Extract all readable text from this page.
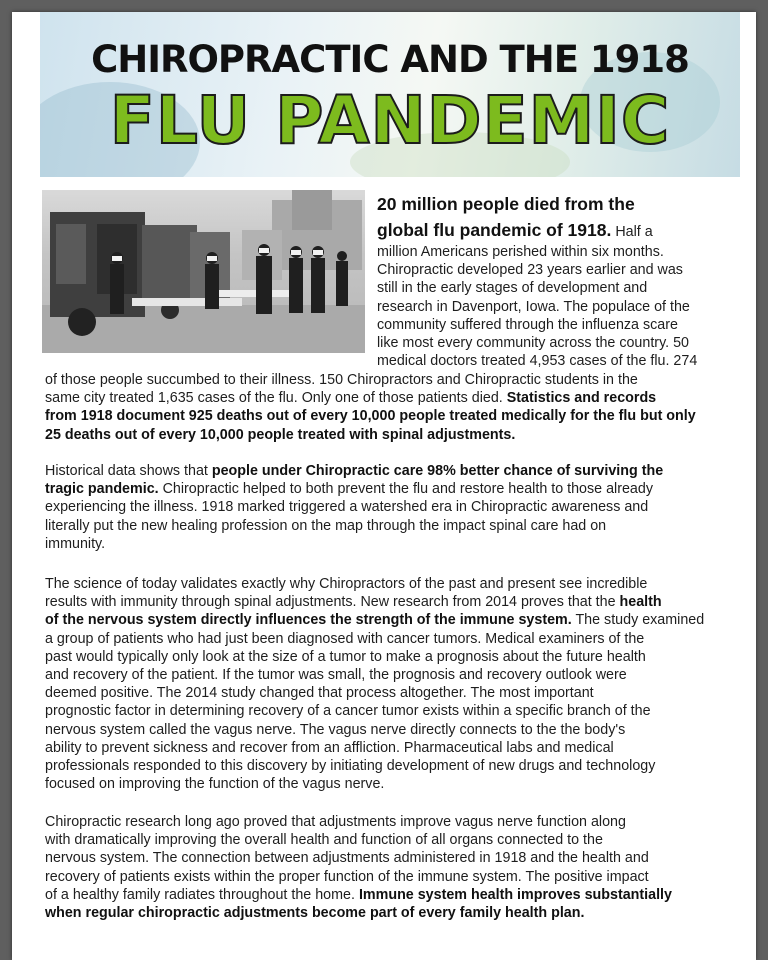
CHIROPRACTIC AND THE 1918
FLU PANDEMIC
20 million people died from the
global flu pandemic of 1918. Half a
million Americans perished within six months.
Chiropractic developed 23 years earlier and was
still in the early stages of development and
research in Davenport, Iowa. The populace of the
community suffered through the influenza scare
like most every community across the country. 50
medical doctors treated 4,953 cases of the flu. 274
of those people succumbed to their illness. 150 Chiropractors and Chiropractic students in the
same city treated 1,635 cases of the flu. Only one of those patients died. Statistics and records
from 1918 document 925 deaths out of every 10,000 people treated medically for the flu but only
25 deaths out of every 10,000 people treated with spinal adjustments.
Historical data shows that people under Chiropractic care 98% better chance of surviving the
tragic pandemic. Chiropractic helped to both prevent the flu and restore health to those already
experiencing the illness. 1918 marked triggered a watershed era in Chiropractic awareness and
literally put the new healing profession on the map through the impact spinal care had on
immunity.
The science of today validates exactly why Chiropractors of the past and present see incredible
results with immunity through spinal adjustments. New research from 2014 proves that the health
of the nervous system directly influences the strength of the immune system. The study examined
a group of patients who had just been diagnosed with cancer tumors. Medical examiners of the
past would typically only look at the size of a tumor to make a prognosis about the future health
and recovery of the patient. If the tumor was small, the prognosis and recovery outlook were
deemed positive. The 2014 study changed that process altogether. The most important
prognostic factor in determining recovery of a cancer tumor exists within a specific branch of the
nervous system called the vagus nerve. The vagus nerve directly connects to the the body's
ability to prevent sickness and recover from an affliction. Pharmaceutical labs and medical
professionals responded to this discovery by initiating development of new drugs and technology
focused on improving the function of the vagus nerve.
Chiropractic research long ago proved that adjustments improve vagus nerve function along
with dramatically improving the overall health and function of all organs connected to the
nervous system. The connection between adjustments administered in 1918 and the health and
recovery of patients exists within the proper function of the immune system. The positive impact
of a healthy family radiates throughout the home. Immune system health improves substantially
when regular chiropractic adjustments become part of every family health plan.
